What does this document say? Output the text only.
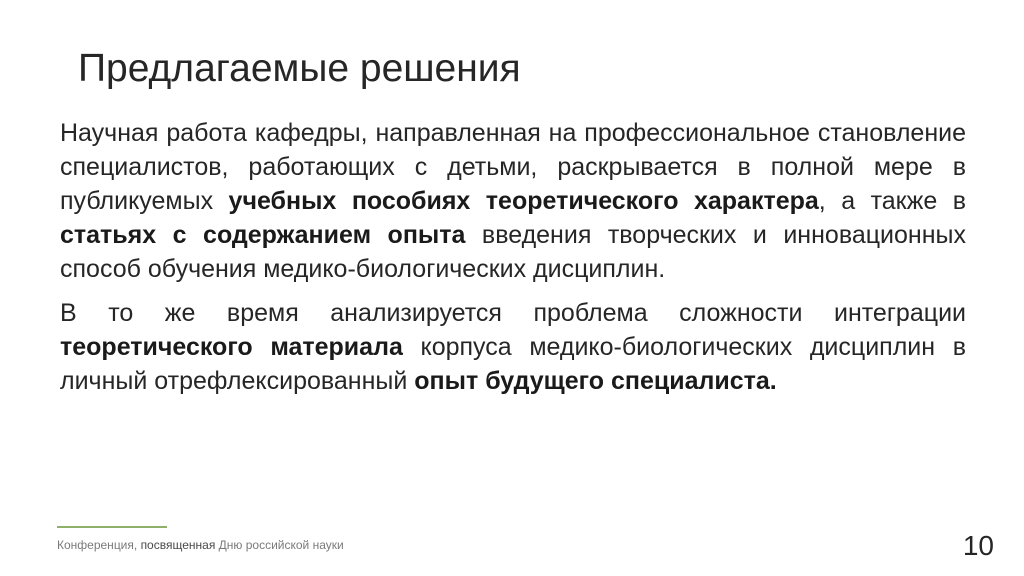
Предлагаемые решения

Научная работа кафедры, направленная на профессиональное становление специалистов, работающих с детьми, раскрывается в полной мере в публикуемых учебных пособиях теоретического характера, а также в статьях с содержанием опыта введения творческих и инновационных способ обучения медико-биологических дисциплин.

В то же время анализируется проблема сложности интеграции теоретического материала корпуса медико-биологических дисциплин в личный отрефлексированный опыт будущего специалиста.

Конференция, посвященная Дню российской науки	10
